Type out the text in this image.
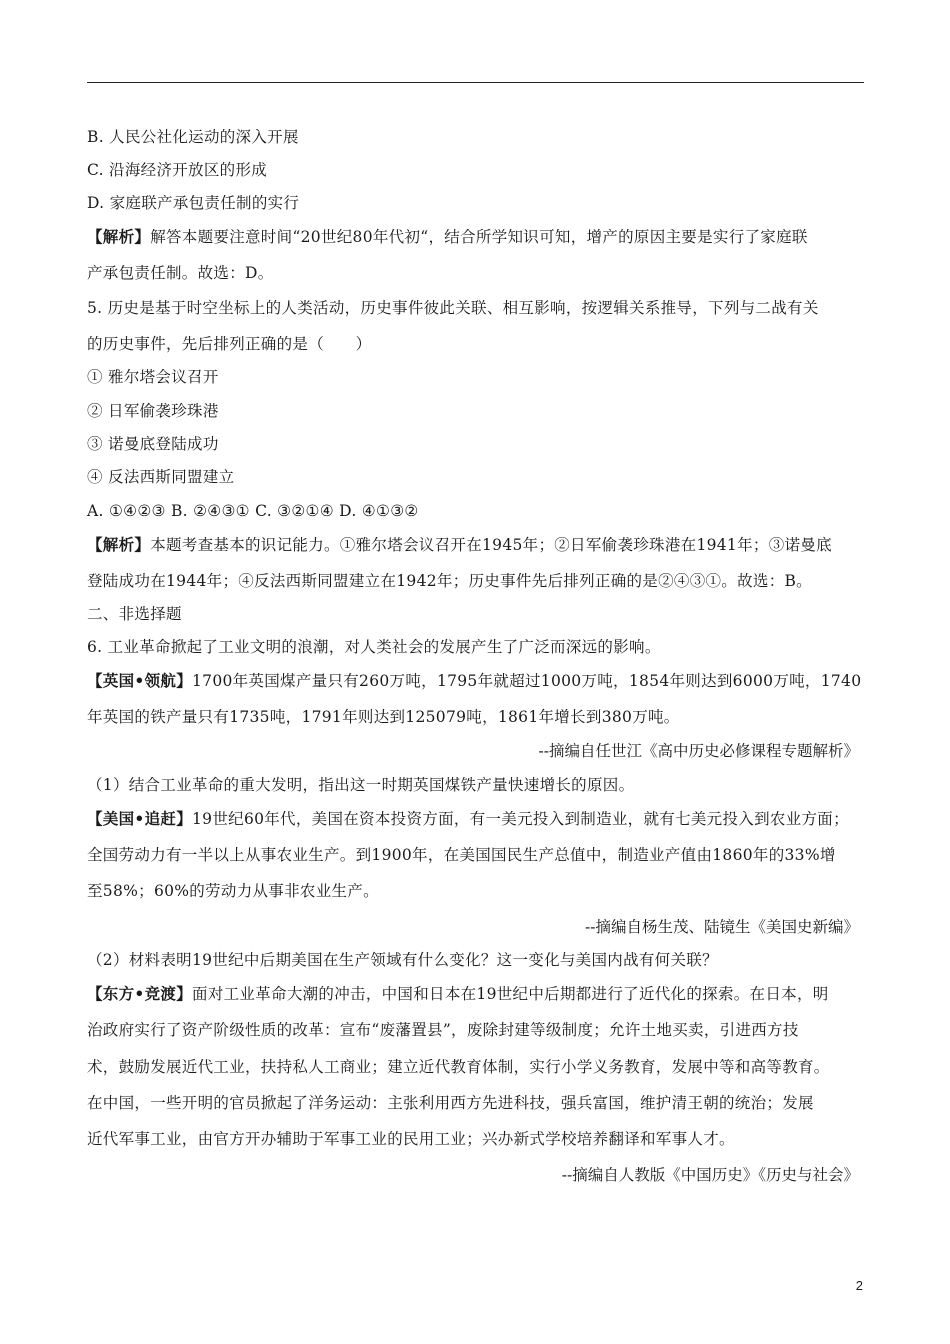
B. 人民公社化运动的深入开展
C. 沿海经济开放区的形成
D. 家庭联产承包责任制的实行
【解析】解答本题要注意时间“20世纪80年代初“，结合所学知识可知，增产的原因主要是实行了家庭联
产承包责任制。故选：D。
5. 历史是基于时空坐标上的人类活动，历史事件彼此关联、相互影响，按逻辑关系推导，下列与二战有关
的历史事件，先后排列正确的是（　　）
① 雅尔塔会议召开
② 日军偷袭珍珠港
③ 诺曼底登陆成功
④ 反法西斯同盟建立
A. ①④②③ B. ②④③① C. ③②①④ D. ④①③②
【解析】本题考查基本的识记能力。①雅尔塔会议召开在1945年；②日军偷袭珍珠港在1941年；③诺曼底
登陆成功在1944年；④反法西斯同盟建立在1942年；历史事件先后排列正确的是②④③①。故选：B。
二、非选择题
6. 工业革命掀起了工业文明的浪潮，对人类社会的发展产生了广泛而深远的影响。
【英国•领航】1700年英国煤产量只有260万吨，1795年就超过1000万吨，1854年则达到6000万吨，1740
年英国的铁产量只有1735吨，1791年则达到125079吨，1861年增长到380万吨。
--摘编自任世江《高中历史必修课程专题解析》
（1）结合工业革命的重大发明，指出这一时期英国煤铁产量快速增长的原因。
【美国•追赶】19世纪60年代，美国在资本投资方面，有一美元投入到制造业，就有七美元投入到农业方面；
全国劳动力有一半以上从事农业生产。到1900年，在美国国民生产总值中，制造业产值由1860年的33%增
至58%；60%的劳动力从事非农业生产。
--摘编自杨生茂、陆镜生《美国史新编》
（2）材料表明19世纪中后期美国在生产领域有什么变化？这一变化与美国内战有何关联？
【东方•竞渡】面对工业革命大潮的冲击，中国和日本在19世纪中后期都进行了近代化的探索。在日本，明
治政府实行了资产阶级性质的改革：宣布“废藩置县”，废除封建等级制度；允许土地买卖，引进西方技
术，鼓励发展近代工业，扶持私人工商业；建立近代教育体制，实行小学义务教育，发展中等和高等教育。
在中国，一些开明的官员掀起了洋务运动：主张利用西方先进科技，强兵富国，维护清王朝的统治；发展
近代军事工业，由官方开办辅助于军事工业的民用工业；兴办新式学校培养翻译和军事人才。
--摘编自人教版《中国历史》《历史与社会》
2
